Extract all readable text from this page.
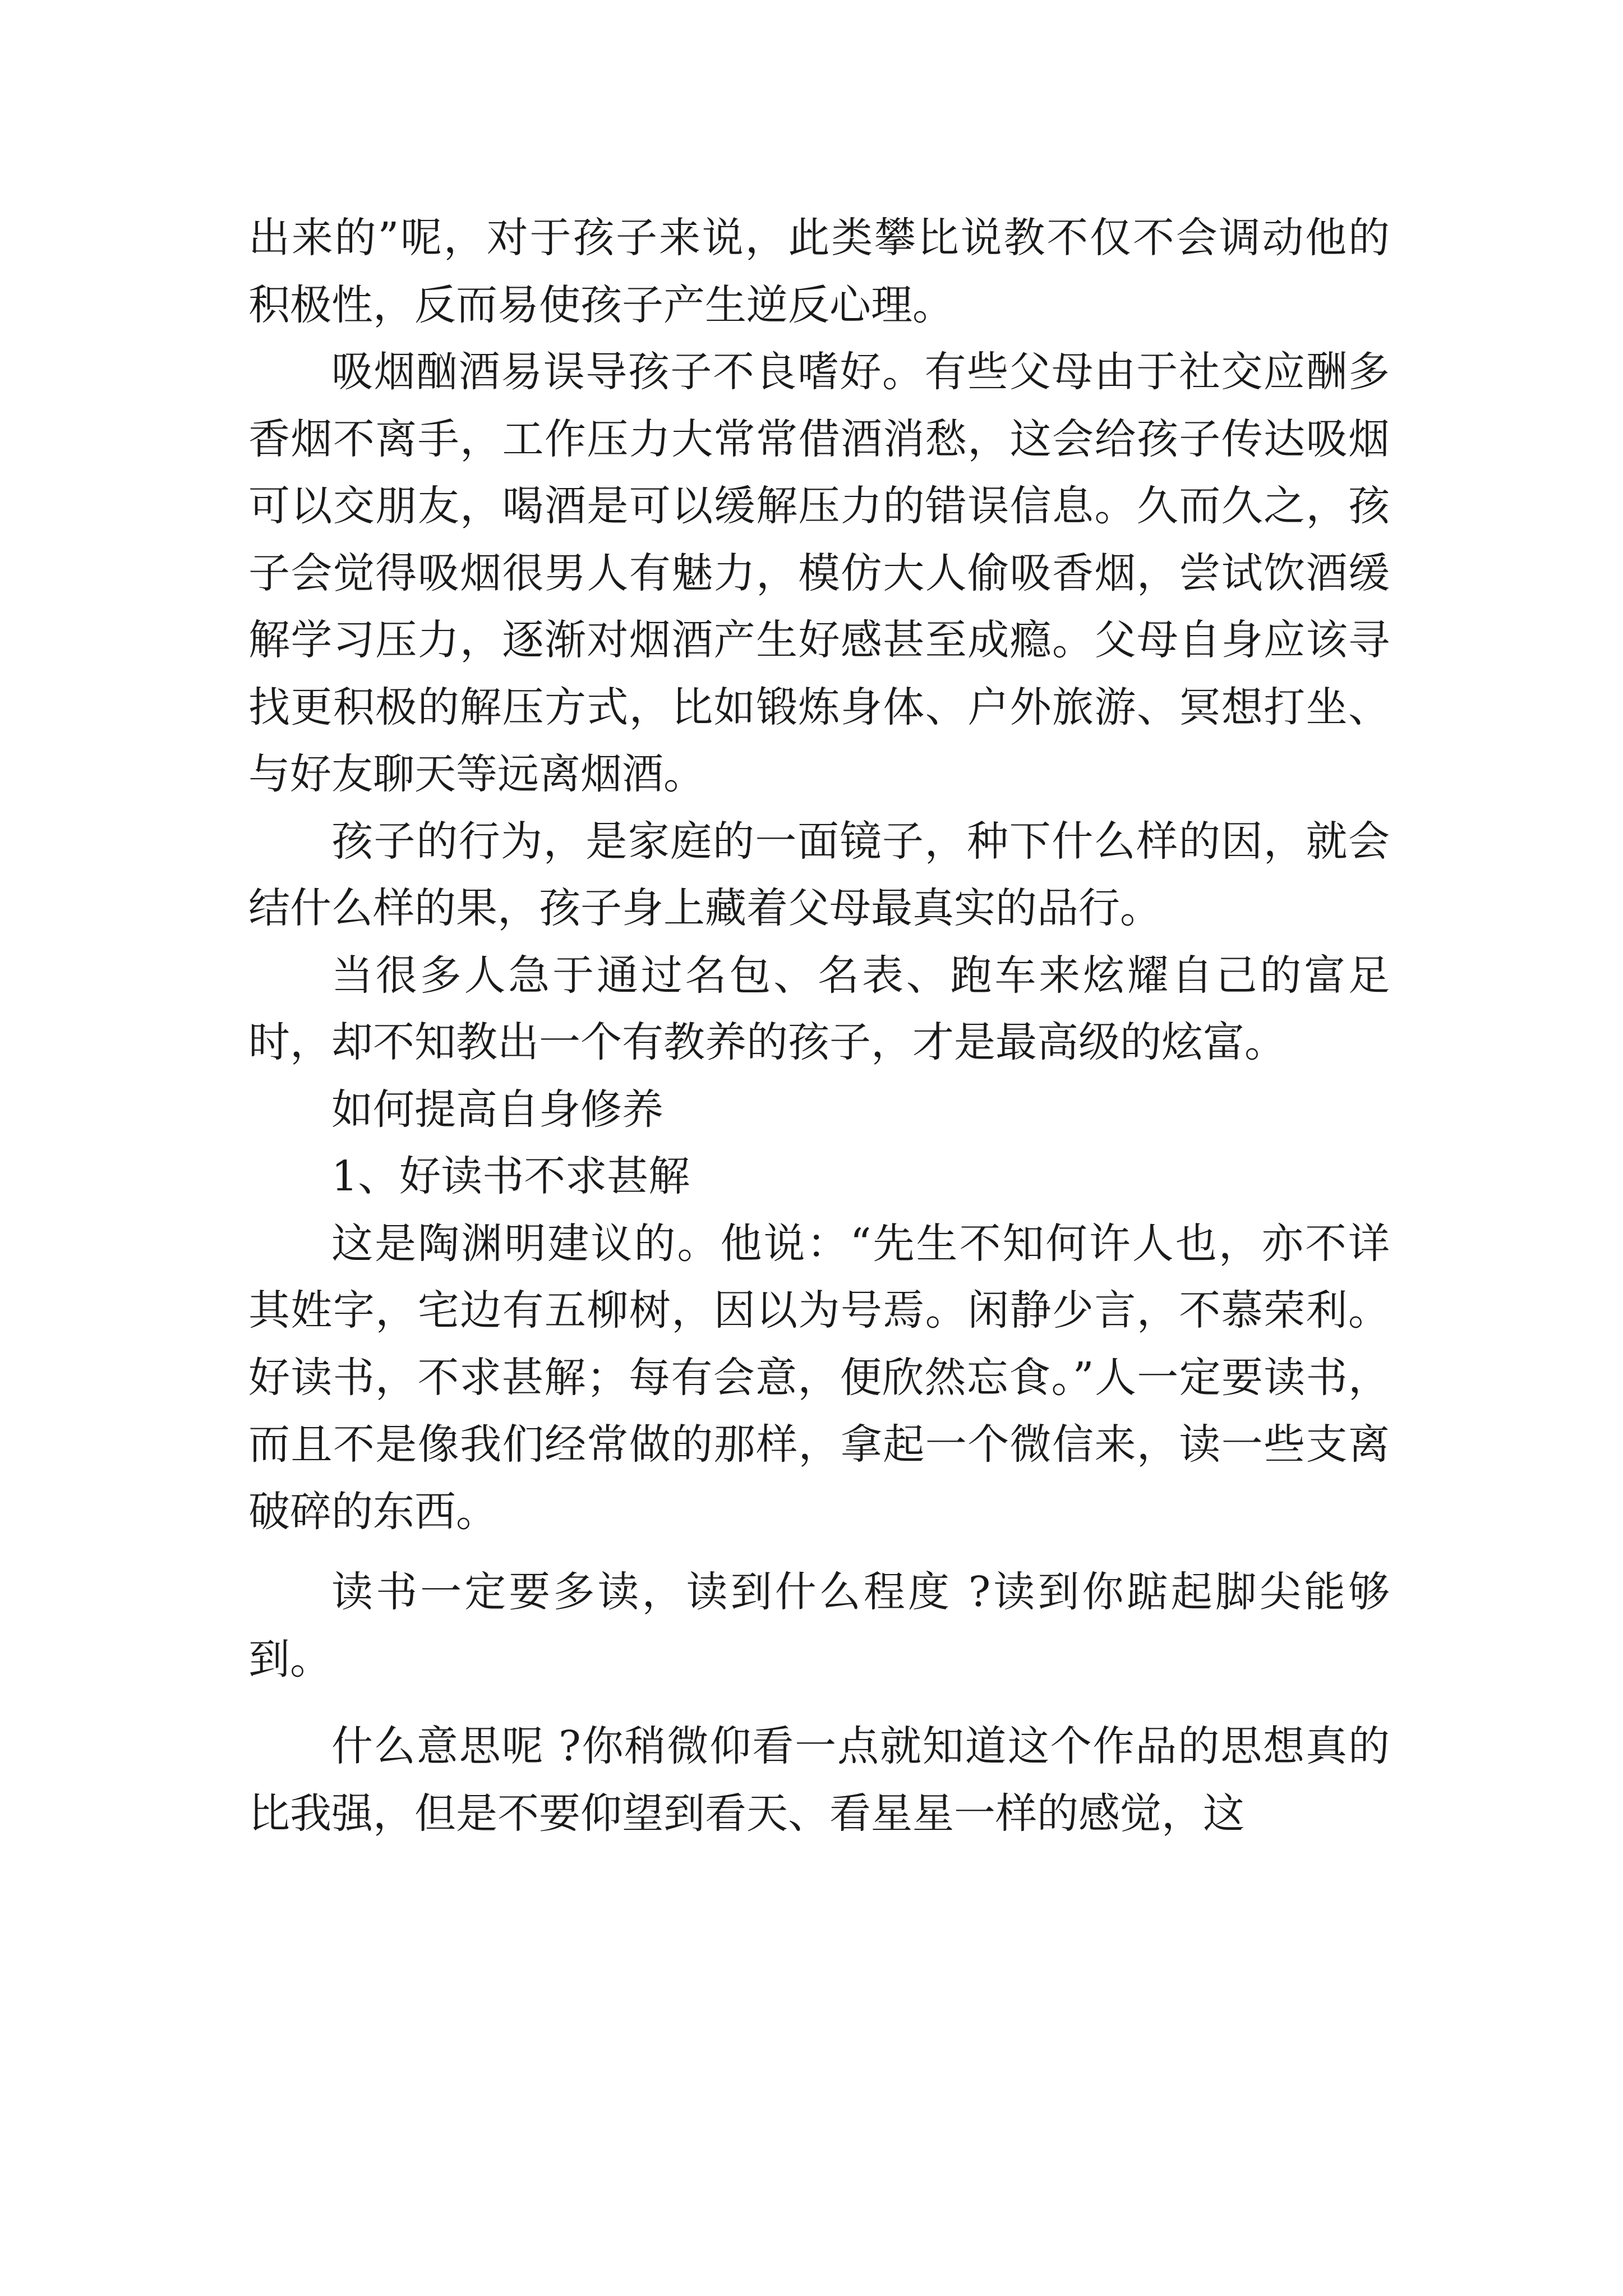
出来的”呢，对于孩子来说，此类攀比说教不仅不会调动他的积极性，反而易使孩子产生逆反心理。

吸烟酗酒易误导孩子不良嗜好。有些父母由于社交应酬多香烟不离手，工作压力大常常借酒消愁，这会给孩子传达吸烟可以交朋友，喝酒是可以缓解压力的错误信息。久而久之，孩子会觉得吸烟很男人有魅力，模仿大人偷吸香烟，尝试饮酒缓解学习压力，逐渐对烟酒产生好感甚至成瘾。父母自身应该寻找更积极的解压方式，比如锻炼身体、户外旅游、冥想打坐、与好友聊天等远离烟酒。

孩子的行为，是家庭的一面镜子，种下什么样的因，就会结什么样的果，孩子身上藏着父母最真实的品行。

当很多人急于通过名包、名表、跑车来炫耀自己的富足时，却不知教出一个有教养的孩子，才是最高级的炫富。

如何提高自身修养

1、好读书不求甚解

这是陶渊明建议的。他说：“先生不知何许人也，亦不详其姓字，宅边有五柳树，因以为号焉。闲静少言，不慕荣利。好读书，不求甚解；每有会意，便欣然忘食。”人一定要读书，而且不是像我们经常做的那样，拿起一个微信来，读一些支离破碎的东西。

读书一定要多读，读到什么程度 ?读到你踮起脚尖能够到。

什么意思呢 ?你稍微仰看一点就知道这个作品的思想真的比我强，但是不要仰望到看天、看星星一样的感觉，这
